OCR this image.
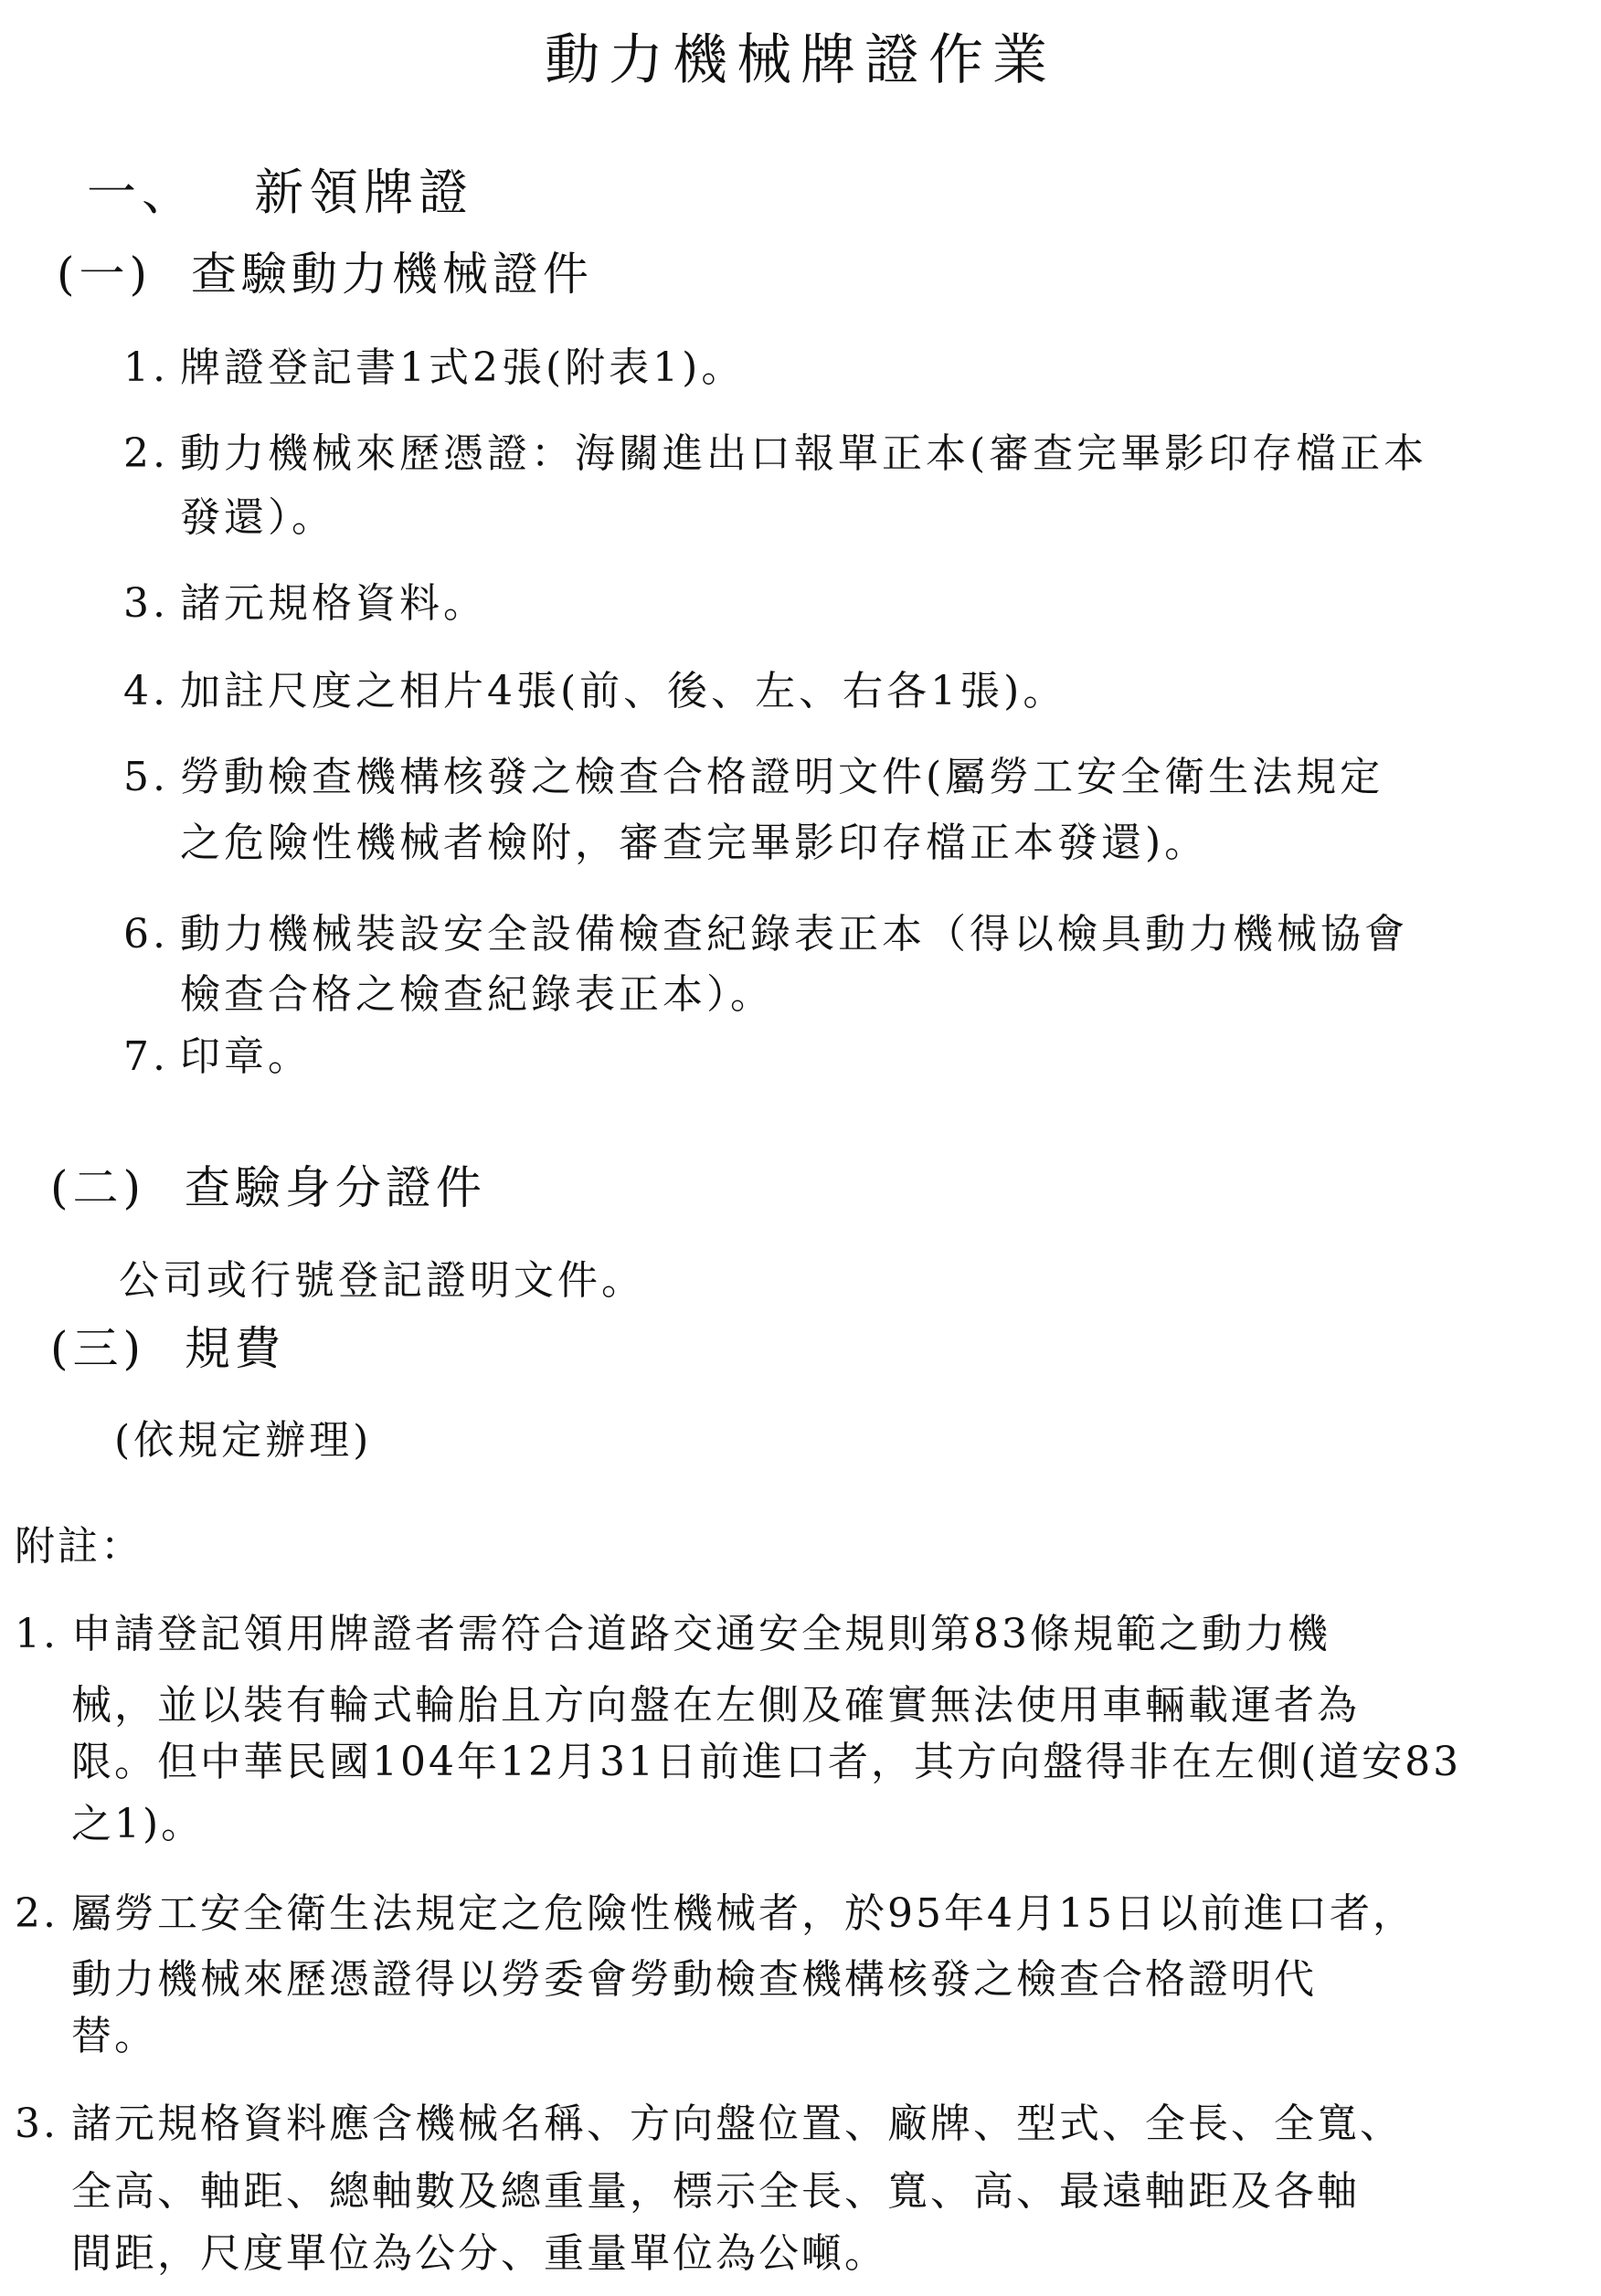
動力機械牌證作業
一、 新領牌證
(一) 查驗動力機械證件
1. 牌證登記書1式2張(附表1)。
2. 動力機械來歷憑證：海關進出口報單正本(審查完畢影印存檔正本
發還）。
3. 諸元規格資料。
4. 加註尺度之相片4張(前、後、左、右各1張)。
5. 勞動檢查機構核發之檢查合格證明文件(屬勞工安全衛生法規定
之危險性機械者檢附，審查完畢影印存檔正本發還)。
6. 動力機械裝設安全設備檢查紀錄表正本（得以檢具動力機械協會
檢查合格之檢查紀錄表正本）。
7. 印章。
(二) 查驗身分證件
公司或行號登記證明文件。
(三) 規費
(依規定辦理)
附註：
1. 申請登記領用牌證者需符合道路交通安全規則第83條規範之動力機
械，並以裝有輪式輪胎且方向盤在左側及確實無法使用車輛載運者為
限。但中華民國104年12月31日前進口者，其方向盤得非在左側(道安83
之1)。
2. 屬勞工安全衛生法規定之危險性機械者，於95年4月15日以前進口者，
動力機械來歷憑證得以勞委會勞動檢查機構核發之檢查合格證明代
替。
3. 諸元規格資料應含機械名稱、方向盤位置、廠牌、型式、全長、全寬、
全高、軸距、總軸數及總重量，標示全長、寬、高、最遠軸距及各軸
間距，尺度單位為公分、重量單位為公噸。
